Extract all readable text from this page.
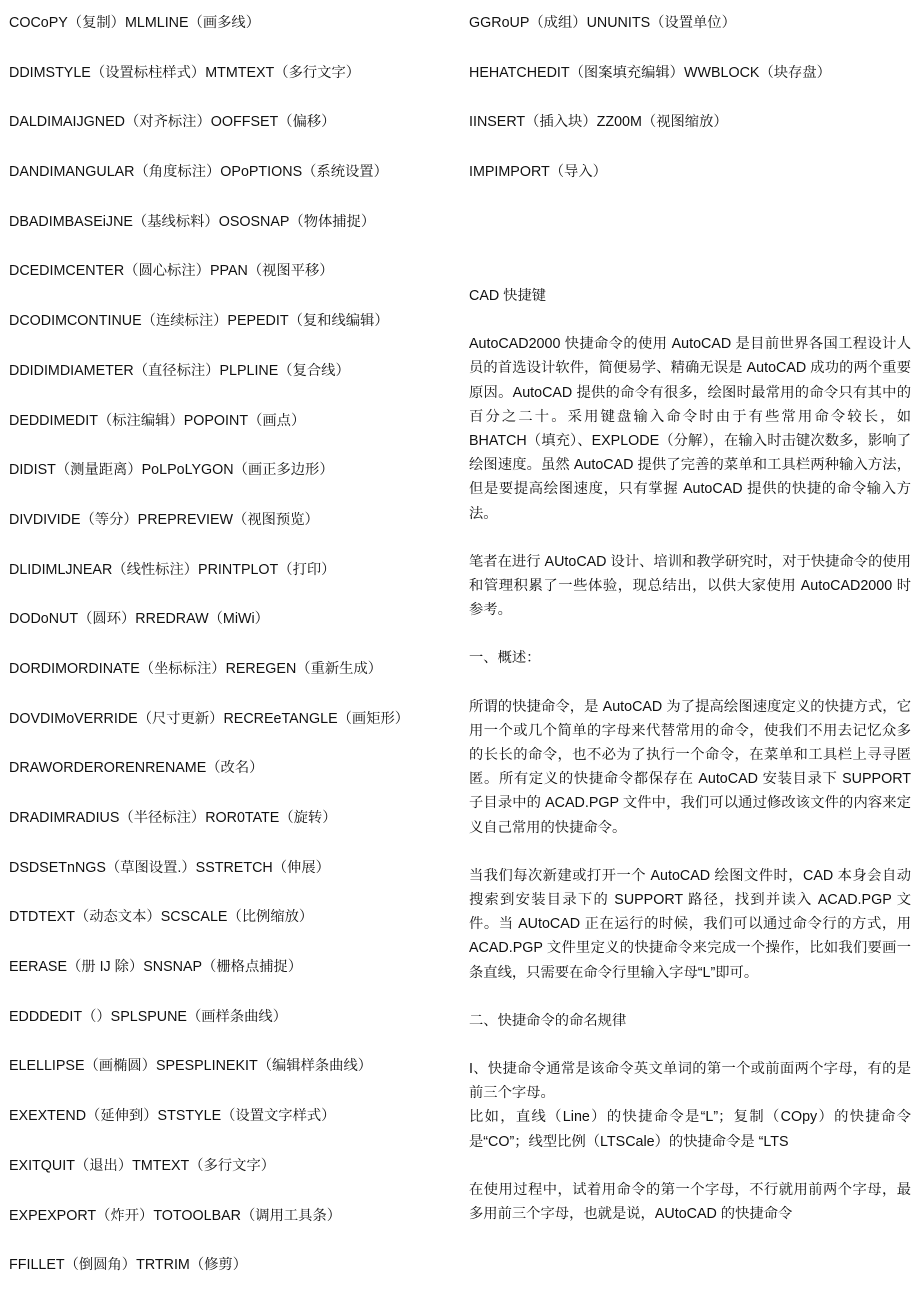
COCoPY（复制）MLMLINE（画多线）
DDIMSTYLE（设置标柱样式）MTMTEXT（多行文字）
DALDIMAIJGNED（对齐标注）OOFFSET（偏移）
DANDIMANGULAR（角度标注）OPoPTIONS（系统设置）
DBADIMBASEiJNE（基线标料）OSOSNAP（物体捕捉）
DCEDIMCENTER（圆心标注）PPAN（视图平移）
DCODIMCONTINUE（连续标注）PEPEDIT（复和线编辑）
DDIDIMDIAMETER（直径标注）PLPLINE（复合线）
DEDDIMEDIT（标注编辑）POPOINT（画点）
DIDIST（测量距离）PoLPoLYGON（画正多边形）
DIVDIVIDE（等分）PREPREVIEW（视图预览）
DLIDIMLJNEAR（线性标注）PRINTPLOT（打印）
DODoNUT（圆环）RREDRAW（MiWi）
DORDIMORDINATE（坐标标注）REREGEN（重新生成）
DOVDIMoVERRIDE（尺寸更新）RECREeTANGLE（画矩形）
DRAWORDERORENRENAME（改名）
DRADIMRADIUS（半径标注）ROR0TATE（旋转）
DSDSETnNGS（草图设置.）SSTRETCH（伸展）
DTDTEXT（动态文本）SCSCALE（比例缩放）
EERASE（册 IJ 除）SNSNAP（栅格点捕捉）
EDDDEDIT（）SPLSPUNE（画样条曲线）
ELELLIPSE（画椭圆）SPESPLINEKIT（编辑样条曲线）
EXEXTEND（延伸到）STSTYLE（设置文字样式）
EXITQUIT（退出）TMTEXT（多行文字）
EXPEXPORT（炸开）TOTOOLBAR（调用工具条）
FFILLET（倒圆角）TRTRIM（修剪）
GGRoUP（成组）UNUNITS（设置单位）
HEHATCHEDIT（图案填充编辑）WWBLOCK（块存盘）
IINSERT（插入块）ZZ00M（视图缩放）
IMPIMPORT（导入）

CAD 快捷键

AutoCAD2000 快捷命令的使用 AutoCAD 是目前世界各国工程设计人员的首选设计软件，简便易学、精确无误是 AutoCAD 成功的两个重要原因。AutoCAD 提供的命令有很多，绘图时最常用的命令只有其中的百分之二十。采用键盘输入命令时由于有些常用命令较长，如 BHATCH（填充）、EXPLODE（分解），在输入时击键次数多，影响了绘图速度。虽然 AutoCAD 提供了完善的菜单和工具栏两种输入方法，但是要提高绘图速度，只有掌握 AutoCAD 提供的快捷的命令输入方法。

笔者在进行 AUtoCAD 设计、培训和教学研究时，对于快捷命令的使用和管理积累了一些体验，现总结出，以供大家使用 AutoCAD2000 时参考。

一、概述：

所谓的快捷命令，是 AutoCAD 为了提高绘图速度定义的快捷方式，它用一个或几个简单的字母来代替常用的命令，使我们不用去记忆众多的长长的命令，也不必为了执行一个命令，在菜单和工具栏上寻寻匿匿。所有定义的快捷命令都保存在 AutoCAD 安装目录下 SUPPORT 子目录中的 ACAD.PGP 文件中，我们可以通过修改该文件的内容来定义自己常用的快捷命令。

当我们每次新建或打开一个 AutoCAD 绘图文件时，CAD 本身会自动搜索到安装目录下的 SUPPORT 路径，找到并读入 ACAD.PGP 文件。当 AUtoCAD 正在运行的时候，我们可以通过命令行的方式，用 ACAD.PGP 文件里定义的快捷命令来完成一个操作，比如我们要画一条直线，只需要在命令行里输入字母“L”即可。

二、快捷命令的命名规律

I、快捷命令通常是该命令英文单词的第一个或前面两个字母，有的是前三个字母。

比如，直线（Line）的快捷命令是“L”；复制（COpy）的快捷命令是“CO”；线型比例（LTSCale）的快捷命令是 “LTS

在使用过程中，试着用命令的第一个字母，不行就用前两个字母，最多用前三个字母，也就是说，AUtoCAD 的快捷命令
